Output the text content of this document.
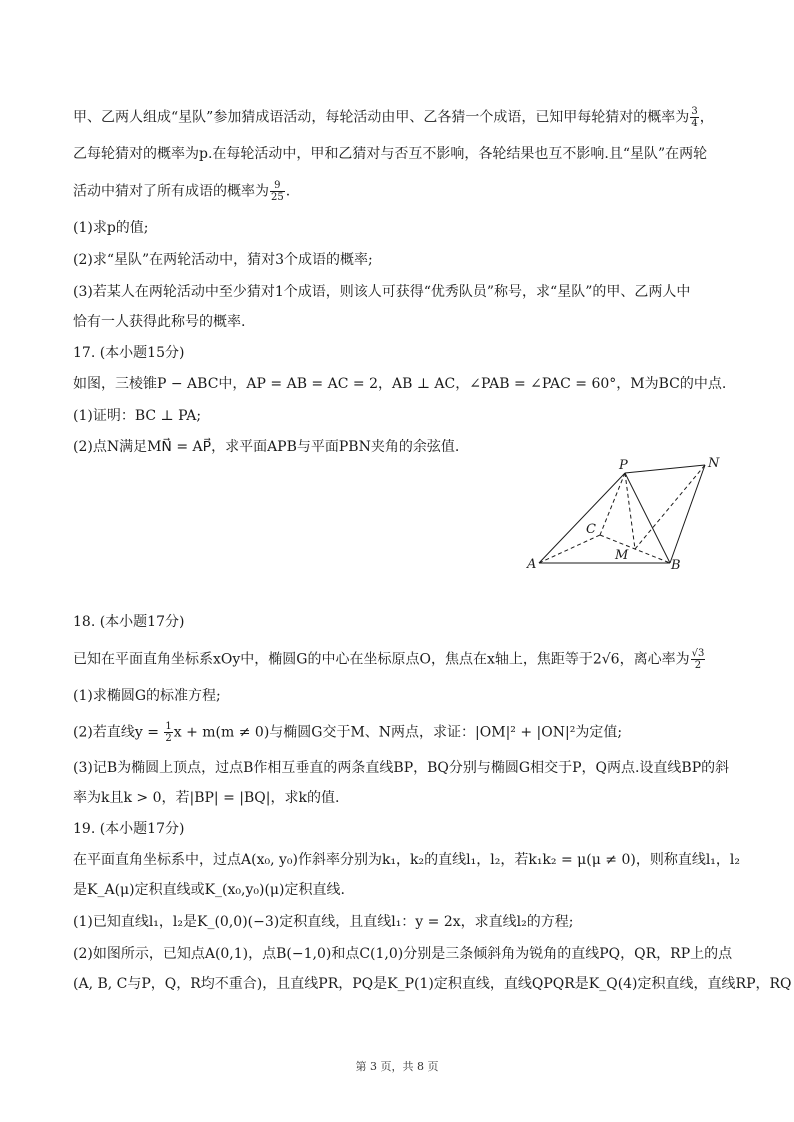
甲、乙两人组成“星队”参加猜成语活动，每轮活动由甲、乙各猜一个成语，已知甲每轮猜对的概率为 $\frac{3}{4}$ ，
乙每轮猜对的概率为p.在每轮活动中，甲和乙猜对与否互不影响，各轮结果也互不影响.且“星队”在两轮
活动中猜对了所有成语的概率为 $\frac{9}{25}$ .
(1)求p的值;
(2)求“星队”在两轮活动中，猜对3个成语的概率;
(3)若某人在两轮活动中至少猜对1个成语，则该人可获得“优秀队员”称号，求“星队”的甲、乙两人中
恰有一人获得此称号的概率.
17. (本小题15分)
如图，三棱锥P − ABC中，AP = AB = AC = 2，AB ⊥ AC，∠PAB = ∠PAC = 60°，M为BC的中点.
(1)证明：BC ⊥ PA;
(2)点N满足MN⃗ = AP⃗，求平面APB与平面PBN夹角的余弦值.
P	N
C
M
A	B
18. (本小题17分)
已知在平面直角坐标系xOy中，椭圆G的中心在坐标原点O，焦点在x轴上，焦距等于2√6，离心率为 $\frac{√3}{2}$
(1)求椭圆G的标准方程;
(2)若直线$y = \frac{1}{2}$ x + m(m ≠ 0)与椭圆G交于M、N两点，求证：|OM|² + |ON|²为定值;
(3)记B为椭圆上顶点，过点B作相互垂直的两条直线BP，BQ分别与椭圆G相交于P，Q两点.设直线BP的斜
率为k且k > 0，若|BP| = |BQ|，求k的值.
19. (本小题17分)
在平面直角坐标系中，过点A(x₀, y₀)作斜率分别为k₁，k₂的直线l₁，l₂，若k₁k₂ = μ(μ ≠ 0)，则称直线l₁，l₂
是K_A(μ)定积直线或K_(x₀,y₀)(μ)定积直线.
(1)已知直线l₁，l₂是K_(0,0)(−3)定积直线，且直线l₁：y = 2x，求直线l₂的方程;
(2)如图所示，已知点A(0,1)，点B(−1,0)和点C(1,0)分别是三条倾斜角为锐角的直线PQ，QR，RP上的点
(A, B, C与P，Q，R均不重合)，且直线PR，PQ是K_P(1)定积直线，直线QPQR是K_Q(4)定积直线，直线RP，RQ
第 3 页，共 8 页
